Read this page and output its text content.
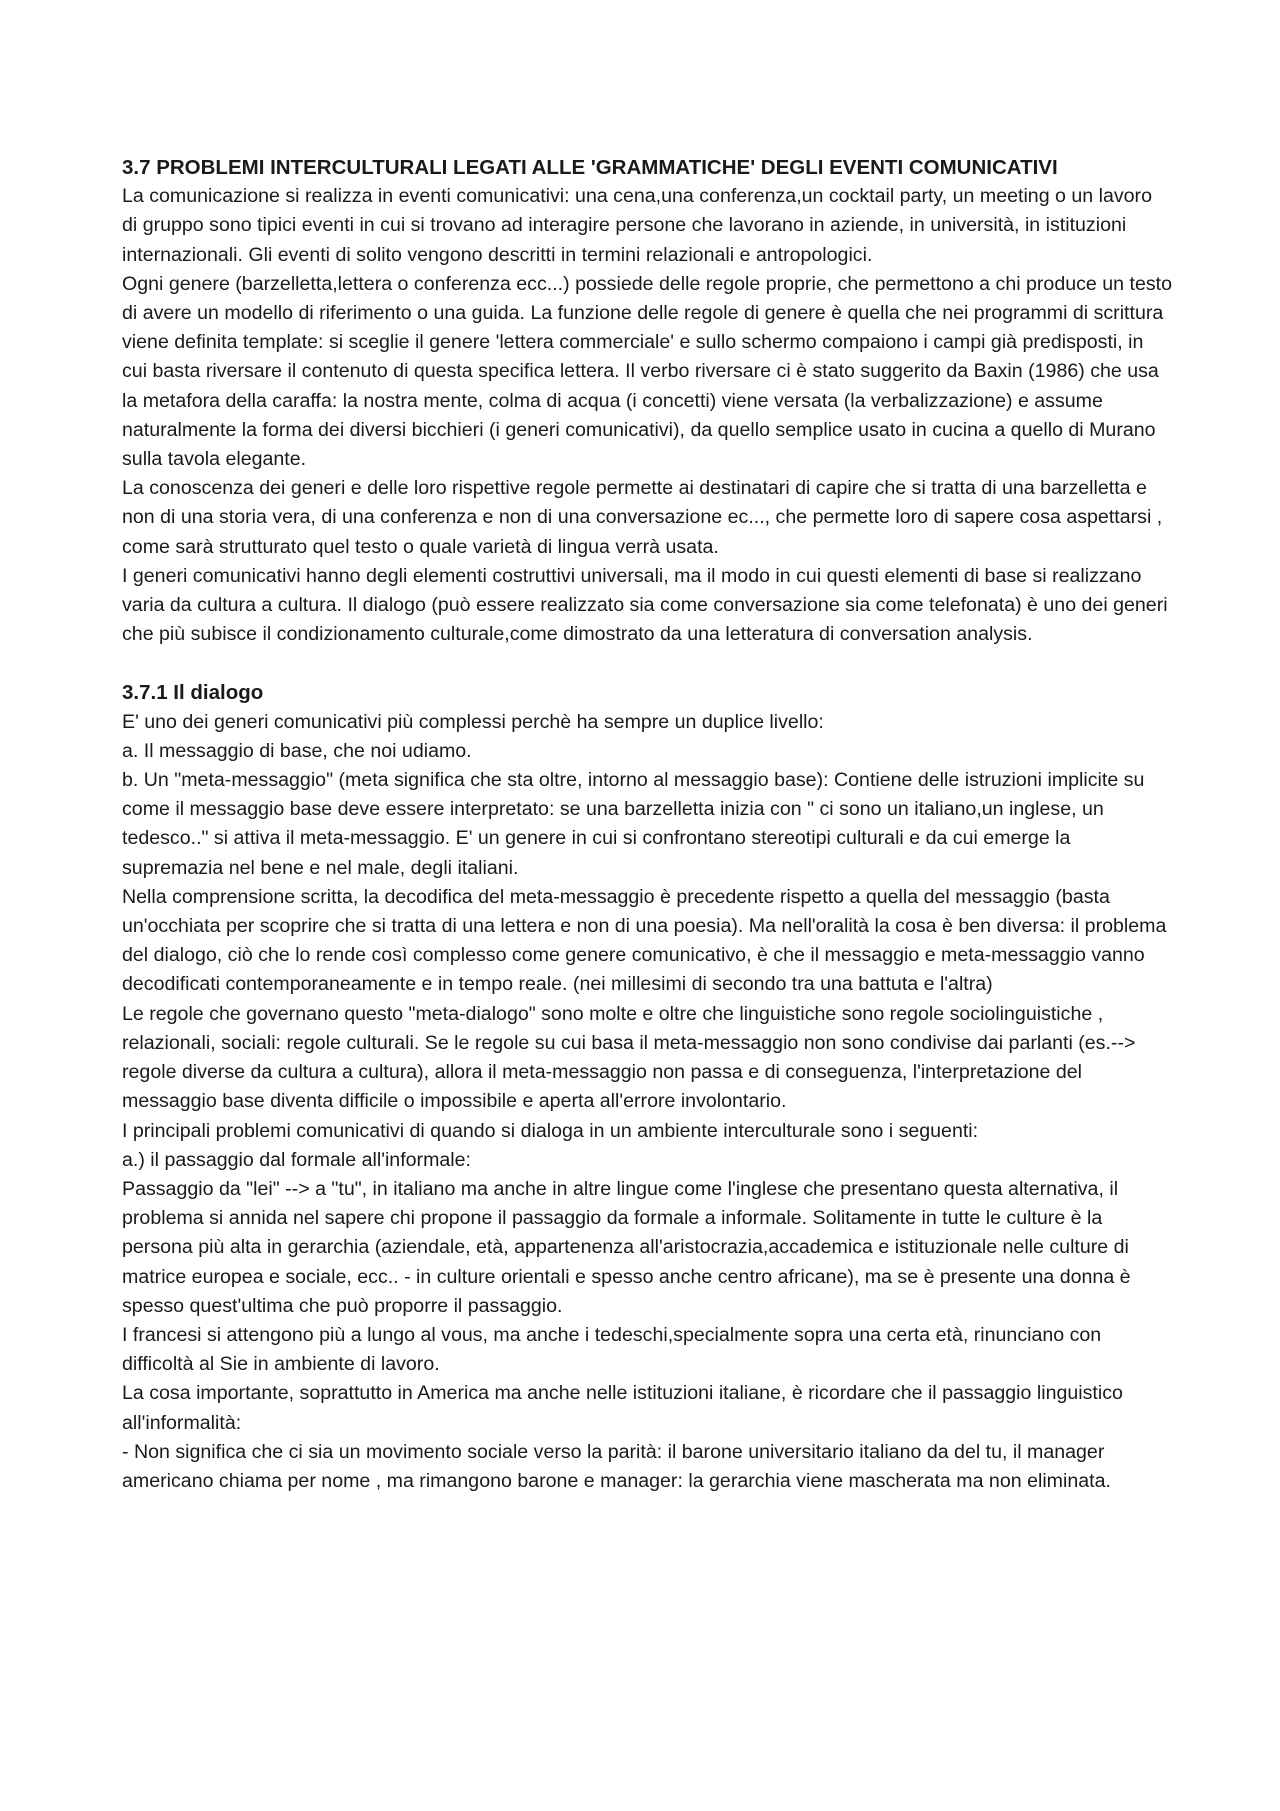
3.7 PROBLEMI INTERCULTURALI LEGATI ALLE 'GRAMMATICHE' DEGLI EVENTI COMUNICATIVI

La comunicazione si realizza in eventi comunicativi: una cena,una conferenza,un cocktail party, un meeting o un lavoro di gruppo sono tipici eventi in cui si trovano ad interagire persone che lavorano in aziende, in università, in istituzioni internazionali. Gli eventi di solito vengono descritti in termini relazionali e antropologici.

Ogni genere (barzelletta,lettera o conferenza ecc...) possiede delle regole proprie, che permettono a chi produce un testo di avere un modello di riferimento o una guida. La funzione delle regole di genere è quella che nei programmi di scrittura viene definita template: si sceglie il genere 'lettera commerciale' e sullo schermo compaiono i campi già predisposti, in cui basta riversare il contenuto di questa specifica lettera. Il verbo riversare ci è stato suggerito da Baxin (1986) che usa la metafora della caraffa: la nostra mente, colma di acqua (i concetti) viene versata (la verbalizzazione) e assume naturalmente la forma dei diversi bicchieri (i generi comunicativi), da quello semplice usato in cucina a quello di Murano sulla tavola elegante.

La conoscenza dei generi e delle loro rispettive regole permette ai destinatari di capire che si tratta di una barzelletta e non di una storia vera, di una conferenza e non di una conversazione ec..., che permette loro di sapere cosa aspettarsi , come sarà strutturato quel testo o quale varietà di lingua verrà usata.

I generi comunicativi hanno degli elementi costruttivi universali, ma il modo in cui questi elementi di base si realizzano varia da cultura a cultura. Il dialogo (può essere realizzato sia come conversazione sia come telefonata) è uno dei generi che più subisce il condizionamento culturale,come dimostrato da una letteratura di conversation analysis.

3.7.1 Il dialogo

E' uno dei generi comunicativi più complessi perchè ha sempre un duplice livello:

a. Il messaggio di base, che noi udiamo.

b. Un "meta-messaggio" (meta significa che sta oltre, intorno al messaggio base): Contiene delle istruzioni implicite su come il messaggio base deve essere interpretato: se una barzelletta inizia con " ci sono un italiano,un inglese, un tedesco.." si attiva il meta-messaggio. E' un genere in cui si confrontano stereotipi culturali e da cui emerge la supremazia nel bene e nel male, degli italiani.

Nella comprensione scritta, la decodifica del meta-messaggio è precedente rispetto a quella del messaggio (basta un'occhiata per scoprire che si tratta di una lettera e non di una poesia). Ma nell'oralità la cosa è ben diversa: il problema del dialogo, ciò che lo rende così complesso come genere comunicativo, è che il messaggio e meta-messaggio vanno decodificati contemporaneamente e in tempo reale. (nei millesimi di secondo tra una battuta e l'altra)

Le regole che governano questo "meta-dialogo" sono molte e oltre che linguistiche sono regole sociolinguistiche , relazionali, sociali: regole culturali. Se le regole su cui basa il meta-messaggio non sono condivise dai parlanti (es.--> regole diverse da cultura a cultura), allora il meta-messaggio non passa e di conseguenza, l'interpretazione del messaggio base diventa difficile o impossibile e aperta all'errore involontario.

I principali problemi comunicativi di quando si dialoga in un ambiente interculturale sono i seguenti:

a.) il passaggio dal formale all'informale:

Passaggio da "lei" --> a "tu", in italiano ma anche in altre lingue come l'inglese che presentano questa alternativa, il problema si annida nel sapere chi propone il passaggio da formale a informale. Solitamente in tutte le culture è la persona più alta in gerarchia (aziendale, età, appartenenza all'aristocrazia,accademica e istituzionale nelle culture di matrice europea e sociale, ecc.. - in culture orientali e spesso anche centro africane), ma se è presente una donna è spesso quest'ultima che può proporre il passaggio.

I francesi si attengono più a lungo al vous, ma anche i tedeschi,specialmente sopra una certa età, rinunciano con difficoltà al Sie in ambiente di lavoro.

La cosa importante, soprattutto in America ma anche nelle istituzioni italiane, è ricordare che il passaggio linguistico all'informalità:

- Non significa che ci sia un movimento sociale verso la parità: il barone universitario italiano da del tu, il manager americano chiama per nome , ma rimangono barone e manager: la gerarchia viene mascherata ma non eliminata.
